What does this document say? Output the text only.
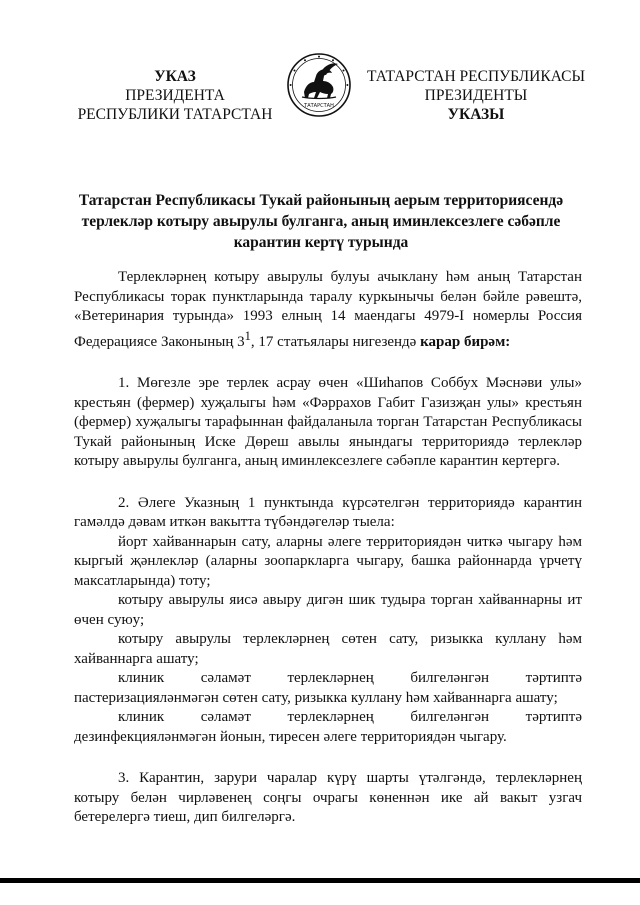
УКАЗ
ПРЕЗИДЕНТА
РЕСПУБЛИКИ ТАТАРСТАН	ТАТАРСТАН
ТАТАРСТАН РЕСПУБЛИКАСЫ
ПРЕЗИДЕНТЫ
УКАЗЫ
Татарстан Республикасы Тукай районының аерым территориясендә
терлекләр котыру авырулы булганга, аның иминлексезлеге сәбәпле
карантин кертү турында

Терлекләрнең котыру авырулы булуы ачыклану һәм аның Татарстан Республикасы торак пунктларында таралу куркынычы белән бәйле рәвештә, «Ветеринария турында» 1993 елның 14 маендагы 4979-I номерлы Россия Федерациясе Законының $3^1$, 17 статьялары нигезендә карар бирәм:

1. Мөгезле эре терлек асрау өчен «Шиһапов Соббух Мәснәви улы» крестьян (фермер) хуҗалыгы һәм «Фәррахов Габит Газизҗан улы» крестьян (фермер) хуҗалыгы тарафыннан файдаланыла торган Татарстан Республикасы Тукай районының Иске Дөреш авылы янындагы территориядә терлекләр котыру авырулы булганга, аның иминлексезлеге сәбәпле карантин кертергә.

2. Әлеге Указның 1 пунктында күрсәтелгән территориядә карантин гамәлдә дәвам иткән вакытта түбәндәгеләр тыела:

йорт хайваннарын сату, аларны әлеге территориядән читкә чыгару һәм кыргый җәнлекләр (аларны зоопаркларга чыгару, башка районнарда үрчетү максатларында) тоту;

котыру авырулы яисә авыру дигән шик тудыра торган хайваннарны ит өчен суюу;

котыру авырулы терлекләрнең сөтен сату, ризыкка куллану һәм хайваннарга ашату;

клиник сәламәт терлекләрнең билгеләнгән тәртиптә пастеризацияләнмәгән сөтен сату, ризыкка куллану һәм хайваннарга ашату;

клиник сәламәт терлекләрнең билгеләнгән тәртиптә дезинфекцияләнмәгән йонын, тиресен әлеге территориядән чыгару.

3. Карантин, зарури чаралар күрү шарты үтәлгәндә, терлекләрнең котыру белән чирләвенең соңгы очрагы көненнән ике ай вакыт узгач бетерелергә тиеш, дип билгеләргә.
